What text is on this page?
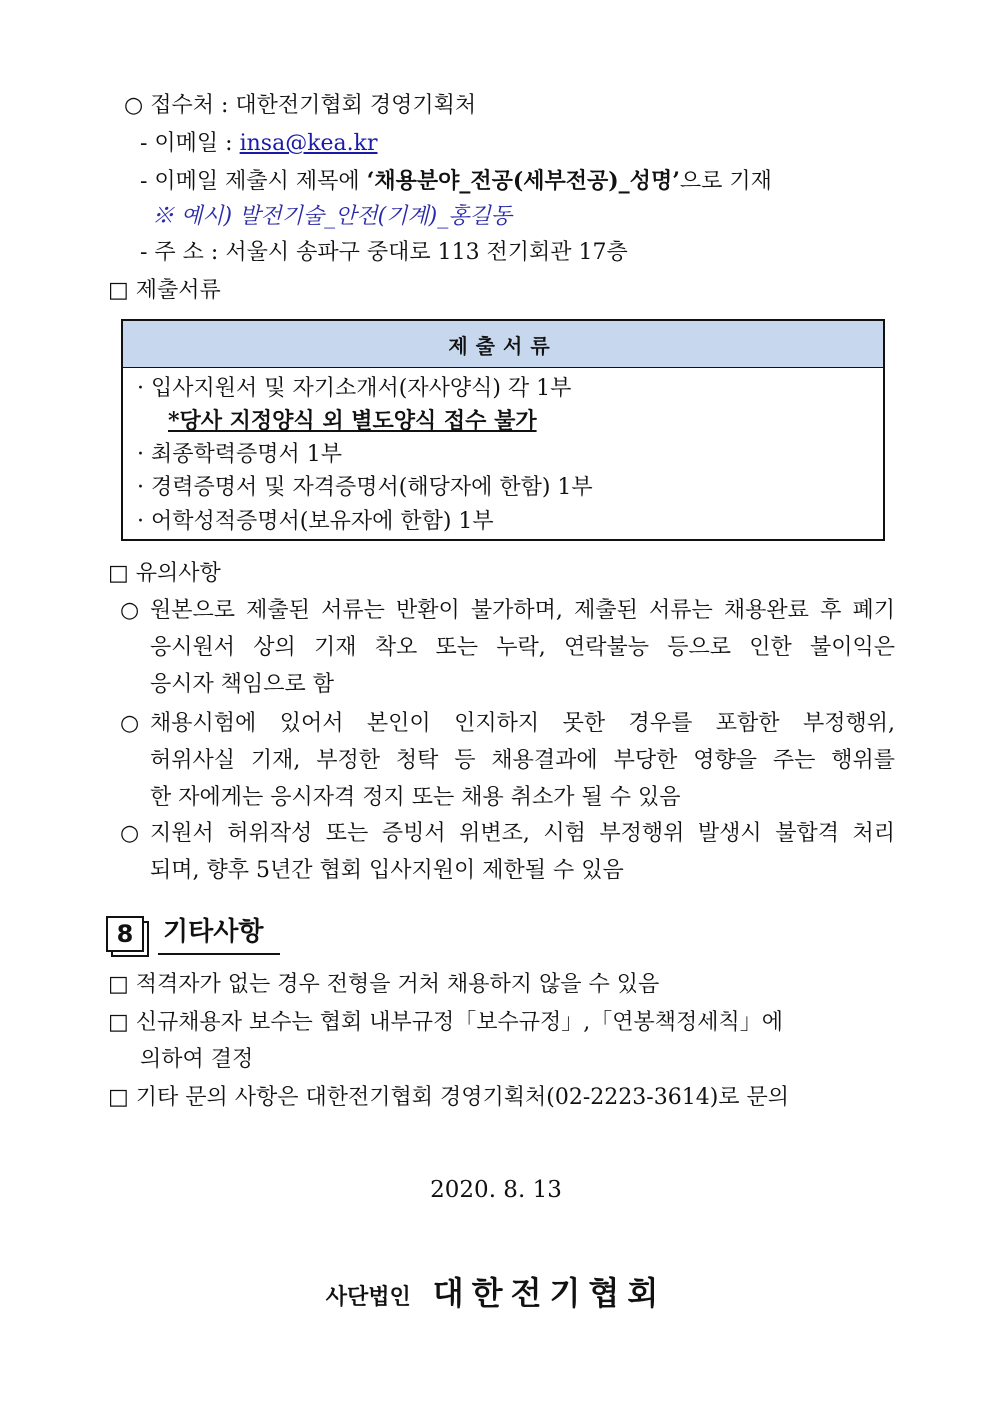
○ 접수처 : 대한전기협회 경영기획처
- 이메일 : insa@kea.kr
- 이메일 제출시 제목에 ‘채용분야_전공(세부전공)_성명’으로 기재
※ 예시) 발전기술_안전(기계)_홍길동
- 주 소 : 서울시 송파구 중대로 113 전기회관 17층
□ 제출서류
제출서류
· 입사지원서 및 자기소개서(자사양식) 각 1부
*당사 지정양식 외 별도양식 접수 불가
· 최종학력증명서 1부
· 경력증명서 및 자격증명서(해당자에 한함) 1부
· 어학성적증명서(보유자에 한함) 1부
□ 유의사항
○ 원본으로 제출된 서류는 반환이 불가하며, 제출된 서류는 채용완료 후 폐기
응시원서 상의 기재 착오 또는 누락, 연락불능 등으로 인한 불이익은
응시자 책임으로 함
○ 채용시험에 있어서 본인이 인지하지 못한 경우를 포함한 부정행위,
허위사실 기재, 부정한 청탁 등 채용결과에 부당한 영향을 주는 행위를
한 자에게는 응시자격 정지 또는 채용 취소가 될 수 있음
○ 지원서 허위작성 또는 증빙서 위변조, 시험 부정행위 발생시 불합격 처리
되며, 향후 5년간 협회 입사지원이 제한될 수 있음
8	기타사항
□ 적격자가 없는 경우 전형을 거처 채용하지 않을 수 있음
□ 신규채용자 보수는 협회 내부규정「보수규정」,「연봉책정세칙」에
의하여 결정
□ 기타 문의 사항은 대한전기협회 경영기획처(02-2223-3614)로 문의
2020. 8. 13
사단법인 대한전기협회
